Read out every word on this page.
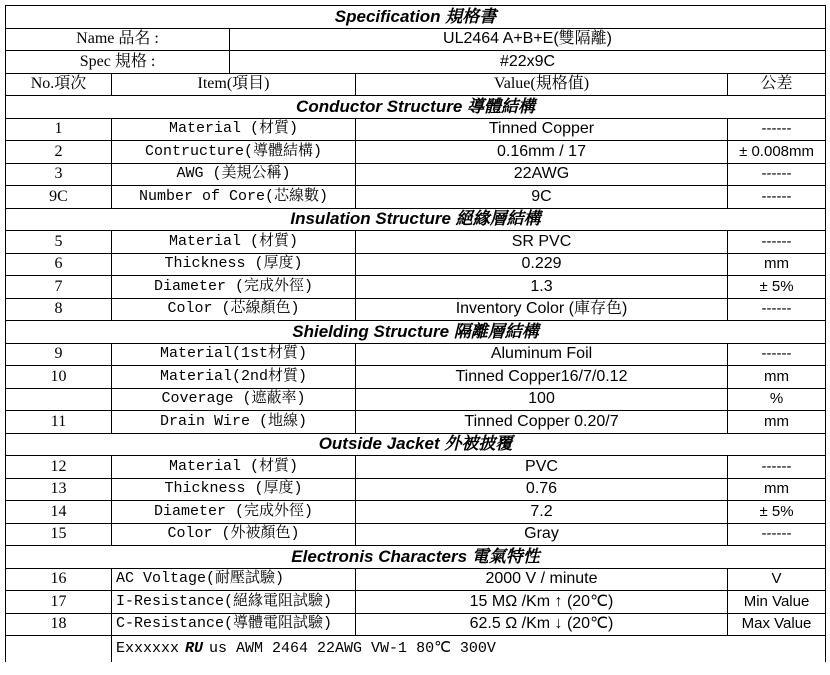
Specification 規格書				
Name 品名 :		UL2464 A+B+E(雙隔離)		
Spec 規格 :		#22x9C		
No.項次	Item(項目)		Value(規格值)	公差
Conductor Structure 導體結構				
1	Material (材質)		Tinned Copper	------
2	Contructure(導體結構)		0.16mm / 17	± 0.008mm
3	AWG (美規公稱)		22AWG	------
9C	Number of Core(芯線數)		9C	------
Insulation Structure 絕緣層結構				
5	Material (材質)		SR PVC	------
6	Thickness (厚度)		0.229	mm
7	Diameter (完成外徑)		1.3	± 5%
8	Color (芯線顏色)		Inventory Color (庫存色)	------
Shielding Structure 隔離層結構				
9	Material(1st材質)		Aluminum Foil	------
10	Material(2nd材質)		Tinned Copper16/7/0.12	mm
	Coverage (遮蔽率)		100	%
11	Drain Wire (地線)		Tinned Copper 0.20/7	mm
Outside Jacket 外被披覆				
12	Material (材質)		PVC	------
13	Thickness (厚度)		0.76	mm
14	Diameter (完成外徑)		7.2	± 5%
15	Color (外被顏色)		Gray	------
Electronis Characters 電氣特性				
16	AC Voltage(耐壓試驗)		2000 V / minute	V
17	I-Resistance(絕緣電阻試驗)		15 MΩ /Km ↑ (20℃)	Min Value
18	C-Resistance(導體電阻試驗)		62.5 Ω /Km ↓ (20℃)	Max Value
	Exxxxxx RU us AWM 2464 22AWG VW-1 80℃ 300V			
